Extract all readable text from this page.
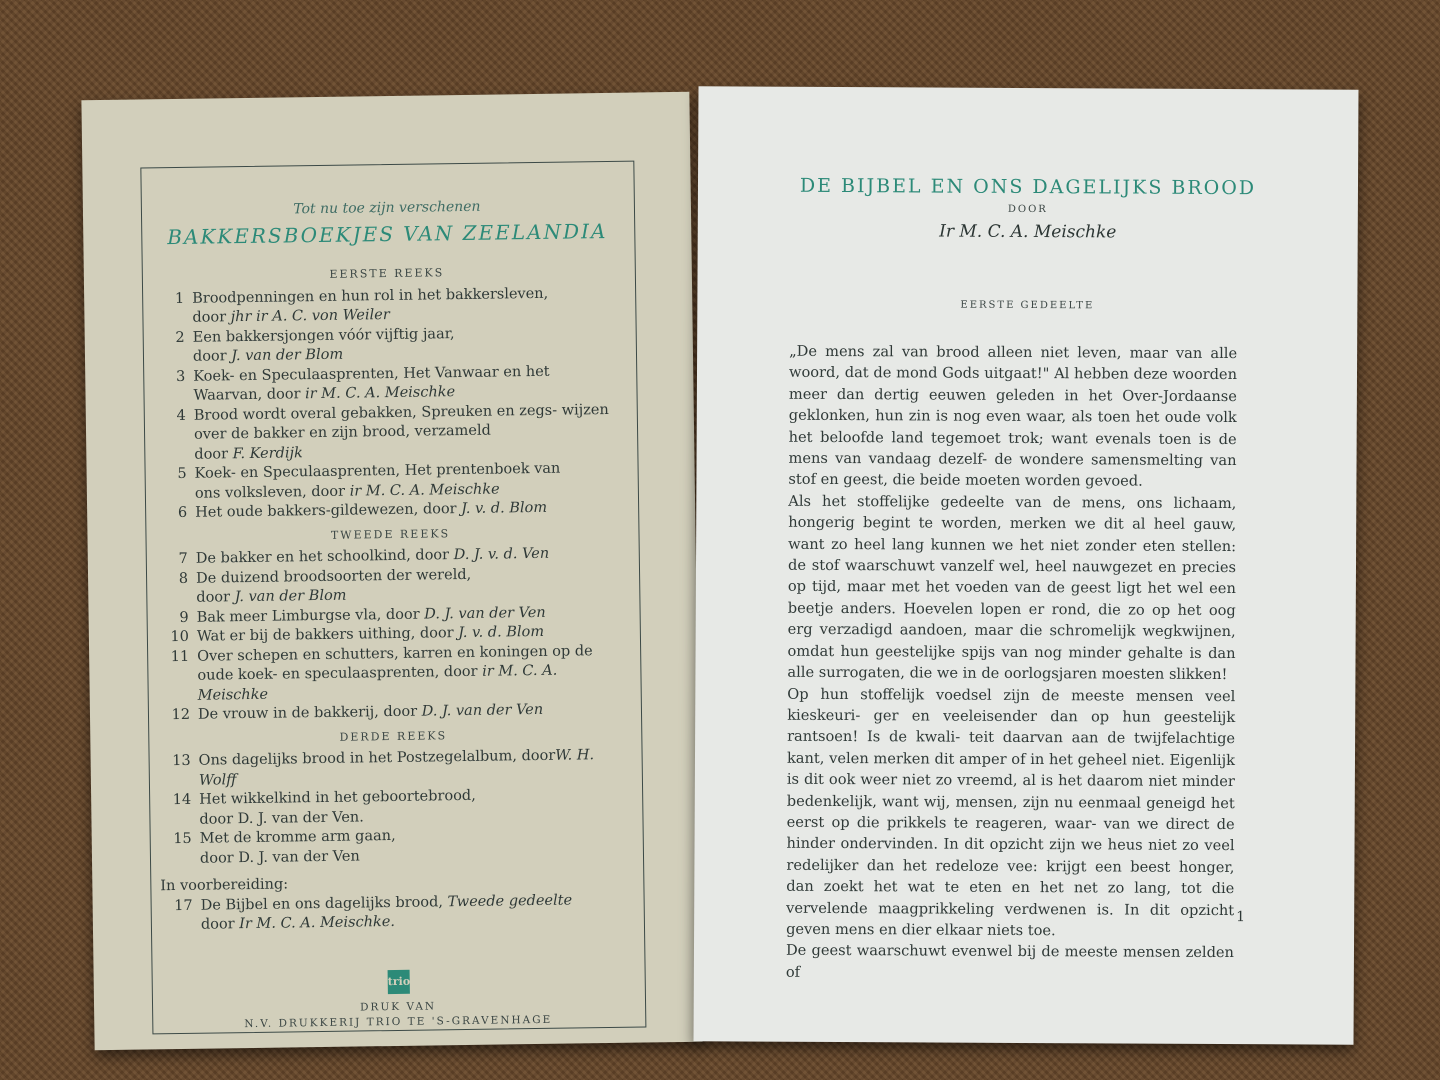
Tot nu toe zijn verschenen
BAKKERSBOEKJES VAN ZEELANDIA
EERSTE REEKS
1 Broodpenningen en hun rol in het bakkersleven,
door jhr ir A. C. von Weiler
2 Een bakkersjongen vóór vijftig jaar,
door J. van der Blom
3 Koek- en Speculaasprenten, Het Vanwaar en het
Waarvan, door ir M. C. A. Meischke
4 Brood wordt overal gebakken, Spreuken en zegs- wijzen over de bakker en zijn brood, verzameld
door F. Kerdijk
5 Koek- en Speculaasprenten, Het prentenboek van
ons volksleven, door ir M. C. A. Meischke
6 Het oude bakkers-gildewezen, door J. v. d. Blom
TWEEDE REEKS
7 De bakker en het schoolkind, door D. J. v. d. Ven
8 De duizend broodsoorten der wereld,
door J. van der Blom
9 Bak meer Limburgse vla, door D. J. van der Ven
10 Wat er bij de bakkers uithing, door J. v. d. Blom
11 Over schepen en schutters, karren en koningen op de oude koek- en speculaasprenten, door ir M. C. A. Meischke
12 De vrouw in de bakkerij, door D. J. van der Ven
DERDE REEKS
13 Ons dagelijks brood in het Postzegelalbum, doorW. H. Wolff
14 Het wikkelkind in het geboortebrood,
door D. J. van der Ven.
15 Met de kromme arm gaan,
door D. J. van der Ven
In voorbereiding:
17 De Bijbel en ons dagelijks brood, Tweede gedeelte
door Ir M. C. A. Meischke.
trio
DRUK VAN
N.V. DRUKKERIJ TRIO TE 'S-GRAVENHAGE
DE BIJBEL EN ONS DAGELIJKS BROOD
DOOR
Ir M. C. A. Meischke
EERSTE GEDEELTE

„De mens zal van brood alleen niet leven, maar van alle woord, dat de mond Gods uitgaat!" Al hebben deze woorden meer dan dertig eeuwen geleden in het Over-Jordaanse geklonken, hun zin is nog even waar, als toen het oude volk het beloofde land tegemoet trok; want evenals toen is de mens van vandaag dezelf- de wondere samensmelting van stof en geest, die beide moeten worden gevoed.

Als het stoffelijke gedeelte van de mens, ons lichaam, hongerig begint te worden, merken we dit al heel gauw, want zo heel lang kunnen we het niet zonder eten stellen: de stof waarschuwt vanzelf wel, heel nauwgezet en precies op tijd, maar met het voeden van de geest ligt het wel een beetje anders. Hoevelen lopen er rond, die zo op het oog erg verzadigd aandoen, maar die schromelijk wegkwijnen, omdat hun geestelijke spijs van nog minder gehalte is dan alle surrogaten, die we in de oorlogsjaren moesten slikken!

Op hun stoffelijk voedsel zijn de meeste mensen veel kieskeuri- ger en veeleisender dan op hun geestelijk rantsoen! Is de kwali- teit daarvan aan de twijfelachtige kant, velen merken dit amper of in het geheel niet. Eigenlijk is dit ook weer niet zo vreemd, al is het daarom niet minder bedenkelijk, want wij, mensen, zijn nu eenmaal geneigd het eerst op die prikkels te reageren, waar- van we direct de hinder ondervinden. In dit opzicht zijn we heus niet zo veel redelijker dan het redeloze vee: krijgt een beest honger, dan zoekt het wat te eten en het net zo lang, tot die vervelende maagprikkeling verdwenen is. In dit opzicht geven mens en dier elkaar niets toe.

De geest waarschuwt evenwel bij de meeste mensen zelden of

1
